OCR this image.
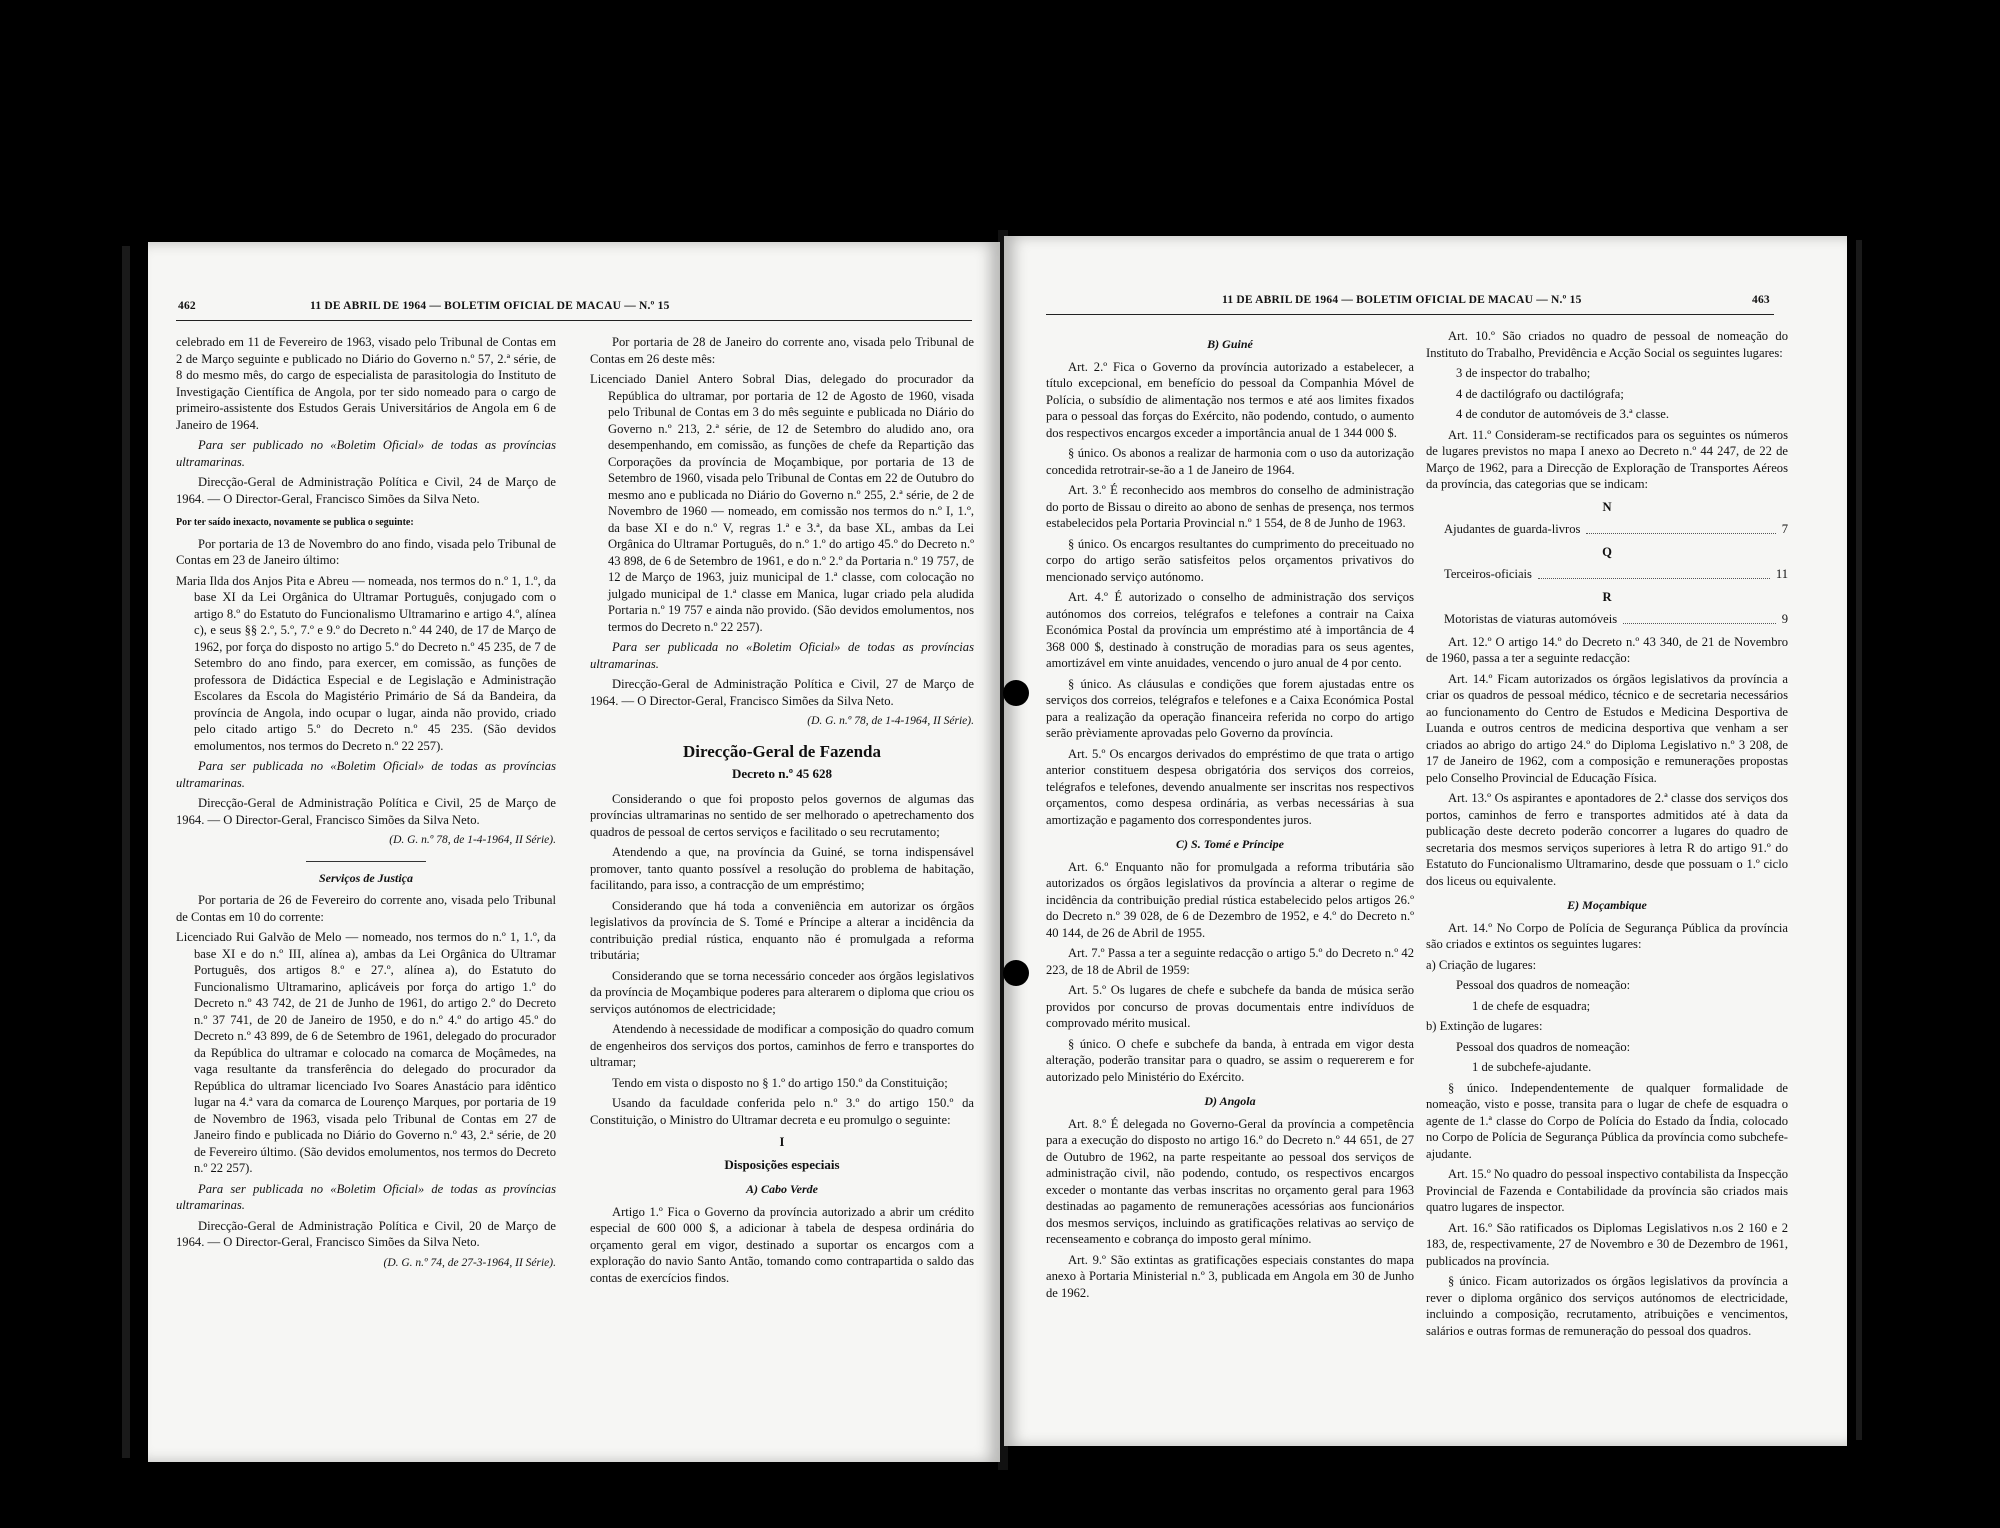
462	11 DE ABRIL DE 1964 — BOLETIM OFICIAL DE MACAU — N.º 15

celebrado em 11 de Fevereiro de 1963, visado pelo Tribunal de Contas em 2 de Março seguinte e publicado no Diário do Governo n.º 57, 2.ª série, de 8 do mesmo mês, do cargo de especialista de parasitologia do Instituto de Investigação Científica de Angola, por ter sido nomeado para o cargo de primeiro-assistente dos Estudos Gerais Universitários de Angola em 6 de Janeiro de 1964.

Para ser publicado no «Boletim Oficial» de todas as províncias ultramarinas.

Direcção-Geral de Administração Política e Civil, 24 de Março de 1964. — O Director-Geral, Francisco Simões da Silva Neto.

Por ter saído inexacto, novamente se publica o seguinte:

Por portaria de 13 de Novembro do ano findo, visada pelo Tribunal de Contas em 23 de Janeiro último:

Maria Ilda dos Anjos Pita e Abreu — nomeada, nos termos do n.º 1, 1.º, da base XI da Lei Orgânica do Ultramar Português, conjugado com o artigo 8.º do Estatuto do Funcionalismo Ultramarino e artigo 4.º, alínea c), e seus §§ 2.º, 5.º, 7.º e 9.º do Decreto n.º 44 240, de 17 de Março de 1962, por força do disposto no artigo 5.º do Decreto n.º 45 235, de 7 de Setembro do ano findo, para exercer, em comissão, as funções de professora de Didáctica Especial e de Legislação e Administração Escolares da Escola do Magistério Primário de Sá da Bandeira, da província de Angola, indo ocupar o lugar, ainda não provido, criado pelo citado artigo 5.º do Decreto n.º 45 235. (São devidos emolumentos, nos termos do Decreto n.º 22 257).

Para ser publicada no «Boletim Oficial» de todas as províncias ultramarinas.

Direcção-Geral de Administração Política e Civil, 25 de Março de 1964. — O Director-Geral, Francisco Simões da Silva Neto.

(D. G. n.º 78, de 1-4-1964, II Série).

Serviços de Justiça

Por portaria de 26 de Fevereiro do corrente ano, visada pelo Tribunal de Contas em 10 do corrente:

Licenciado Rui Galvão de Melo — nomeado, nos termos do n.º 1, 1.º, da base XI e do n.º III, alínea a), ambas da Lei Orgânica do Ultramar Português, dos artigos 8.º e 27.º, alínea a), do Estatuto do Funcionalismo Ultramarino, aplicáveis por força do artigo 1.º do Decreto n.º 43 742, de 21 de Junho de 1961, do artigo 2.º do Decreto n.º 37 741, de 20 de Janeiro de 1950, e do n.º 4.º do artigo 45.º do Decreto n.º 43 899, de 6 de Setembro de 1961, delegado do procurador da República do ultramar e colocado na comarca de Moçâmedes, na vaga resultante da transferência do delegado do procurador da República do ultramar licenciado Ivo Soares Anastácio para idêntico lugar na 4.ª vara da comarca de Lourenço Marques, por portaria de 19 de Novembro de 1963, visada pelo Tribunal de Contas em 27 de Janeiro findo e publicada no Diário do Governo n.º 43, 2.ª série, de 20 de Fevereiro último. (São devidos emolumentos, nos termos do Decreto n.º 22 257).

Para ser publicada no «Boletim Oficial» de todas as províncias ultramarinas.

Direcção-Geral de Administração Política e Civil, 20 de Março de 1964. — O Director-Geral, Francisco Simões da Silva Neto.

(D. G. n.º 74, de 27-3-1964, II Série).

Por portaria de 28 de Janeiro do corrente ano, visada pelo Tribunal de Contas em 26 deste mês:

Licenciado Daniel Antero Sobral Dias, delegado do procurador da República do ultramar, por portaria de 12 de Agosto de 1960, visada pelo Tribunal de Contas em 3 do mês seguinte e publicada no Diário do Governo n.º 213, 2.ª série, de 12 de Setembro do aludido ano, ora desempenhando, em comissão, as funções de chefe da Repartição das Corporações da província de Moçambique, por portaria de 13 de Setembro de 1960, visada pelo Tribunal de Contas em 22 de Outubro do mesmo ano e publicada no Diário do Governo n.º 255, 2.ª série, de 2 de Novembro de 1960 — nomeado, em comissão nos termos do n.º I, 1.º, da base XI e do n.º V, regras 1.ª e 3.ª, da base XL, ambas da Lei Orgânica do Ultramar Português, do n.º 1.º do artigo 45.º do Decreto n.º 43 898, de 6 de Setembro de 1961, e do n.º 2.º da Portaria n.º 19 757, de 12 de Março de 1963, juiz municipal de 1.ª classe, com colocação no julgado municipal de 1.ª classe em Manica, lugar criado pela aludida Portaria n.º 19 757 e ainda não provido. (São devidos emolumentos, nos termos do Decreto n.º 22 257).

Para ser publicada no «Boletim Oficial» de todas as províncias ultramarinas.

Direcção-Geral de Administração Política e Civil, 27 de Março de 1964. — O Director-Geral, Francisco Simões da Silva Neto.

(D. G. n.º 78, de 1-4-1964, II Série).

Direcção-Geral de Fazenda
Decreto n.º 45 628

Considerando o que foi proposto pelos governos de algumas das províncias ultramarinas no sentido de ser melhorado o apetrechamento dos quadros de pessoal de certos serviços e facilitado o seu recrutamento;

Atendendo a que, na província da Guiné, se torna indispensável promover, tanto quanto possível a resolução do problema de habitação, facilitando, para isso, a contracção de um empréstimo;

Considerando que há toda a conveniência em autorizar os órgãos legislativos da província de S. Tomé e Príncipe a alterar a incidência da contribuição predial rústica, enquanto não é promulgada a reforma tributária;

Considerando que se torna necessário conceder aos órgãos legislativos da província de Moçambique poderes para alterarem o diploma que criou os serviços autónomos de electricidade;

Atendendo à necessidade de modificar a composição do quadro comum de engenheiros dos serviços dos portos, caminhos de ferro e transportes do ultramar;

Tendo em vista o disposto no § 1.º do artigo 150.º da Constituição;

Usando da faculdade conferida pelo n.º 3.º do artigo 150.º da Constituição, o Ministro do Ultramar decreta e eu promulgo o seguinte:

I
Disposições especiais
A) Cabo Verde

Artigo 1.º Fica o Governo da província autorizado a abrir um crédito especial de 600 000 $, a adicionar à tabela de despesa ordinária do orçamento geral em vigor, destinado a suportar os encargos com a exploração do navio Santo Antão, tomando como contrapartida o saldo das contas de exercícios findos.

11 DE ABRIL DE 1964 — BOLETIM OFICIAL DE MACAU — N.º 15	463
B) Guiné

Art. 2.º Fica o Governo da província autorizado a estabelecer, a título excepcional, em benefício do pessoal da Companhia Móvel de Polícia, o subsídio de alimentação nos termos e até aos limites fixados para o pessoal das forças do Exército, não podendo, contudo, o aumento dos respectivos encargos exceder a importância anual de 1 344 000 $.

§ único. Os abonos a realizar de harmonia com o uso da autorização concedida retrotrair-se-ão a 1 de Janeiro de 1964.

Art. 3.º É reconhecido aos membros do conselho de administração do porto de Bissau o direito ao abono de senhas de presença, nos termos estabelecidos pela Portaria Provincial n.º 1 554, de 8 de Junho de 1963.

§ único. Os encargos resultantes do cumprimento do preceituado no corpo do artigo serão satisfeitos pelos orçamentos privativos do mencionado serviço autónomo.

Art. 4.º É autorizado o conselho de administração dos serviços autónomos dos correios, telégrafos e telefones a contrair na Caixa Económica Postal da província um empréstimo até à importância de 4 368 000 $, destinado à construção de moradias para os seus agentes, amortizável em vinte anuidades, vencendo o juro anual de 4 por cento.

§ único. As cláusulas e condições que forem ajustadas entre os serviços dos correios, telégrafos e telefones e a Caixa Económica Postal para a realização da operação financeira referida no corpo do artigo serão prèviamente aprovadas pelo Governo da província.

Art. 5.º Os encargos derivados do empréstimo de que trata o artigo anterior constituem despesa obrigatória dos serviços dos correios, telégrafos e telefones, devendo anualmente ser inscritas nos respectivos orçamentos, como despesa ordinária, as verbas necessárias à sua amortização e pagamento dos correspondentes juros.

C) S. Tomé e Príncipe

Art. 6.º Enquanto não for promulgada a reforma tributária são autorizados os órgãos legislativos da província a alterar o regime de incidência da contribuição predial rústica estabelecido pelos artigos 26.º do Decreto n.º 39 028, de 6 de Dezembro de 1952, e 4.º do Decreto n.º 40 144, de 26 de Abril de 1955.

Art. 7.º Passa a ter a seguinte redacção o artigo 5.º do Decreto n.º 42 223, de 18 de Abril de 1959:

Art. 5.º Os lugares de chefe e subchefe da banda de música serão providos por concurso de provas documentais entre indivíduos de comprovado mérito musical.

§ único. O chefe e subchefe da banda, à entrada em vigor desta alteração, poderão transitar para o quadro, se assim o requererem e for autorizado pelo Ministério do Exército.

D) Angola

Art. 8.º É delegada no Governo-Geral da província a competência para a execução do disposto no artigo 16.º do Decreto n.º 44 651, de 27 de Outubro de 1962, na parte respeitante ao pessoal dos serviços de administração civil, não podendo, contudo, os respectivos encargos exceder o montante das verbas inscritas no orçamento geral para 1963 destinadas ao pagamento de remunerações acessórias aos funcionários dos mesmos serviços, incluindo as gratificações relativas ao serviço de recenseamento e cobrança do imposto geral mínimo.

Art. 9.º São extintas as gratificações especiais constantes do mapa anexo à Portaria Ministerial n.º 3, publicada em Angola em 30 de Junho de 1962.

Art. 10.º São criados no quadro de pessoal de nomeação do Instituto do Trabalho, Previdência e Acção Social os seguintes lugares:

3 de inspector do trabalho;

4 de dactilógrafo ou dactilógrafa;

4 de condutor de automóveis de 3.ª classe.

Art. 11.º Consideram-se rectificados para os seguintes os números de lugares previstos no mapa I anexo ao Decreto n.º 44 247, de 22 de Março de 1962, para a Direcção de Exploração de Transportes Aéreos da província, das categorias que se indicam:

N
Ajudantes de guarda-livros	7
Q
Terceiros-oficiais	11
R
Motoristas de viaturas automóveis	9

Art. 12.º O artigo 14.º do Decreto n.º 43 340, de 21 de Novembro de 1960, passa a ter a seguinte redacção:

Art. 14.º Ficam autorizados os órgãos legislativos da província a criar os quadros de pessoal médico, técnico e de secretaria necessários ao funcionamento do Centro de Estudos e Medicina Desportiva de Luanda e outros centros de medicina desportiva que venham a ser criados ao abrigo do artigo 24.º do Diploma Legislativo n.º 3 208, de 17 de Janeiro de 1962, com a composição e remunerações propostas pelo Conselho Provincial de Educação Física.

Art. 13.º Os aspirantes e apontadores de 2.ª classe dos serviços dos portos, caminhos de ferro e transportes admitidos até à data da publicação deste decreto poderão concorrer a lugares do quadro de secretaria dos mesmos serviços superiores à letra R do artigo 91.º do Estatuto do Funcionalismo Ultramarino, desde que possuam o 1.º ciclo dos liceus ou equivalente.

E) Moçambique

Art. 14.º No Corpo de Polícia de Segurança Pública da província são criados e extintos os seguintes lugares:

a) Criação de lugares:

Pessoal dos quadros de nomeação:

1 de chefe de esquadra;

b) Extinção de lugares:

Pessoal dos quadros de nomeação:

1 de subchefe-ajudante.

§ único. Independentemente de qualquer formalidade de nomeação, visto e posse, transita para o lugar de chefe de esquadra o agente de 1.ª classe do Corpo de Polícia do Estado da Índia, colocado no Corpo de Polícia de Segurança Pública da província como subchefe-ajudante.

Art. 15.º No quadro do pessoal inspectivo contabilista da Inspecção Provincial de Fazenda e Contabilidade da província são criados mais quatro lugares de inspector.

Art. 16.º São ratificados os Diplomas Legislativos n.os 2 160 e 2 183, de, respectivamente, 27 de Novembro e 30 de Dezembro de 1961, publicados na província.

§ único. Ficam autorizados os órgãos legislativos da província a rever o diploma orgânico dos serviços autónomos de electricidade, incluindo a composição, recrutamento, atribuições e vencimentos, salários e outras formas de remuneração do pessoal dos quadros.
